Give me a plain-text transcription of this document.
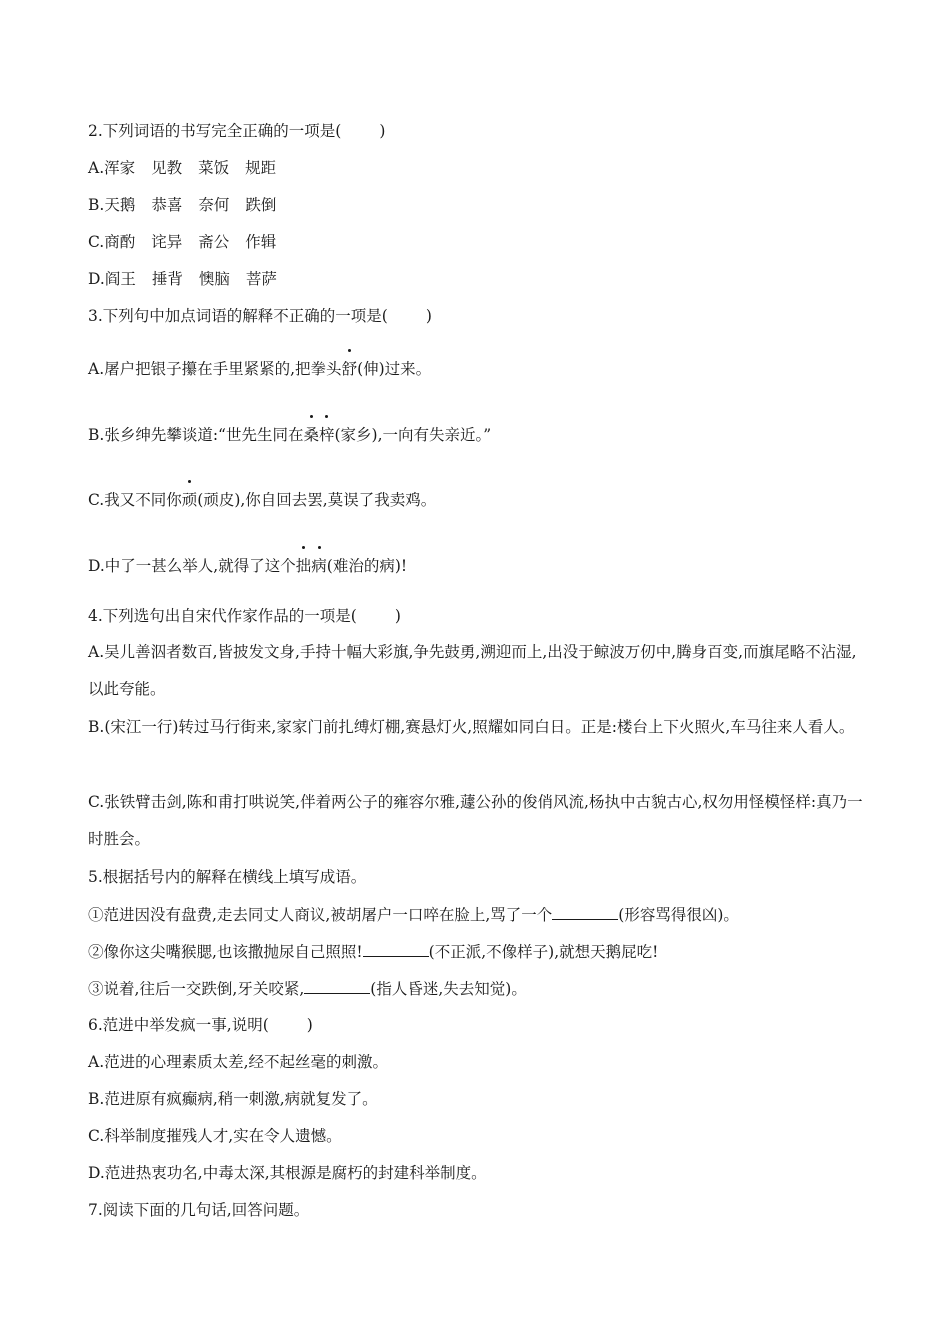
2.下列词语的书写完全正确的一项是( )
A.浑家 见教 菜饭 规距
B.天鹅 恭喜 奈何 跌倒
C.商酌 诧异 斋公 作辑
D.阎王 捶背 懊脑 菩萨
3.下列句中加点词语的解释不正确的一项是( )
A.屠户把银子攥在手里紧紧的,把拳头舒(伸)过来。
B.张乡绅先攀谈道:“世先生同在桑梓(家乡),一向有失亲近。”
C.我又不同你顽(顽皮),你自回去罢,莫误了我卖鸡。
D.中了一甚么举人,就得了这个拙病(难治的病)!
4.下列选句出自宋代作家作品的一项是( )
A.吴儿善泅者数百,皆披发文身,手持十幅大彩旗,争先鼓勇,溯迎而上,出没于鲸波万仞中,腾身百变,而旗尾略不沾湿,以此夸能。
B.(宋江一行)转过马行街来,家家门前扎缚灯棚,赛悬灯火,照耀如同白日。正是:楼台上下火照火,车马往来人看人。
C.张铁臂击剑,陈和甫打哄说笑,伴着两公子的雍容尔雅,蘧公孙的俊俏风流,杨执中古貌古心,权勿用怪模怪样:真乃一时胜会。
5.根据括号内的解释在横线上填写成语。
①范进因没有盘费,走去同丈人商议,被胡屠户一口啐在脸上,骂了一个	(形容骂得很凶)。
②像你这尖嘴猴腮,也该撒抛尿自己照照!	(不正派,不像样子),就想天鹅屁吃!
③说着,往后一交跌倒,牙关咬紧,	(指人昏迷,失去知觉)。
6.范进中举发疯一事,说明( )
A.范进的心理素质太差,经不起丝毫的刺激。
B.范进原有疯癫病,稍一刺激,病就复发了。
C.科举制度摧残人才,实在令人遗憾。
D.范进热衷功名,中毒太深,其根源是腐朽的封建科举制度。
7.阅读下面的几句话,回答问题。
